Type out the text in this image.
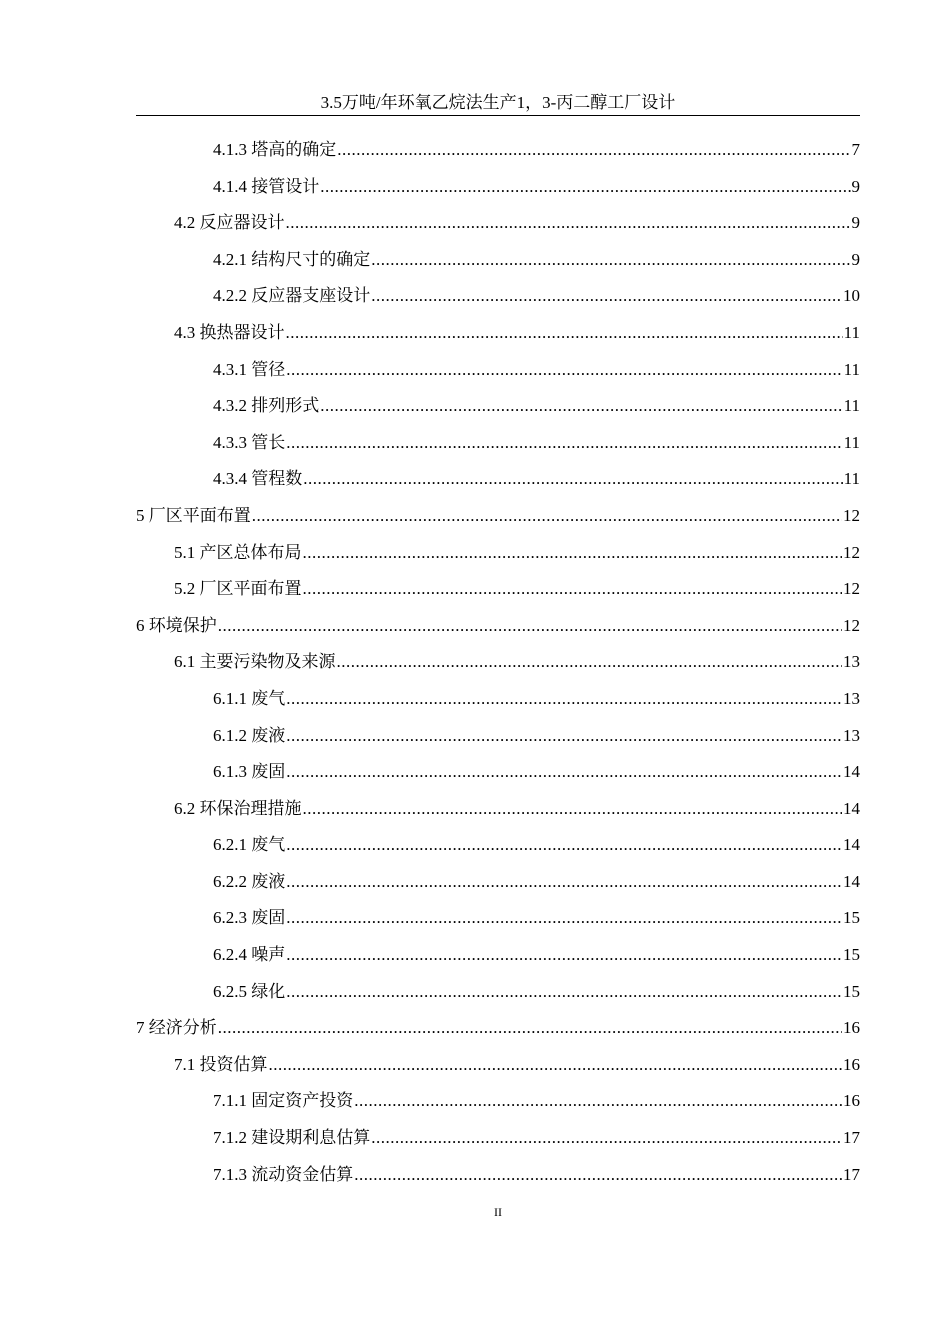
3.5万吨/年环氧乙烷法生产1，3-丙二醇工厂设计
4.1.3 塔高的确定 .....	7
4.1.4 接管设计 .....	9
4.2 反应器设计 .....	9
4.2.1 结构尺寸的确定 .....	9
4.2.2 反应器支座设计 .....	10
4.3 换热器设计 .....	11
4.3.1 管径 .....	11
4.3.2 排列形式 .....	11
4.3.3 管长 .....	11
4.3.4 管程数 .....	11
5 厂区平面布置 .....	12
5.1 产区总体布局 .....	12
5.2 厂区平面布置 .....	12
6 环境保护 .....	12
6.1 主要污染物及来源 .....	13
6.1.1 废气 .....	13
6.1.2 废液 .....	13
6.1.3 废固 .....	14
6.2 环保治理措施 .....	14
6.2.1 废气 .....	14
6.2.2 废液 .....	14
6.2.3 废固 .....	15
6.2.4 噪声 .....	15
6.2.5 绿化 .....	15
7 经济分析 .....	16
7.1 投资估算 .....	16
7.1.1 固定资产投资 .....	16
7.1.2 建设期利息估算 .....	17
7.1.3 流动资金估算 .....	17
II
